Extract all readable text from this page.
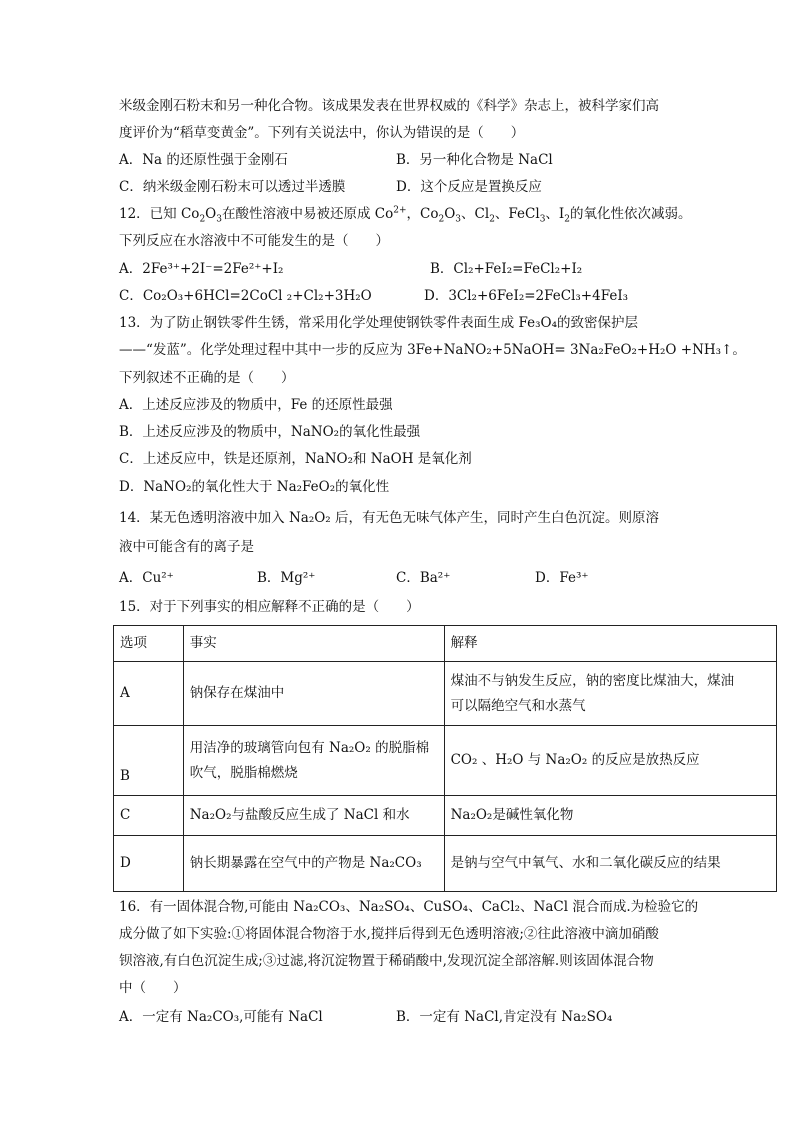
米级金刚石粉末和另一种化合物。该成果发表在世界权威的《科学》杂志上，被科学家们高
度评价为“稻草变黄金”。下列有关说法中，你认为错误的是（　　）
A．Na 的还原性强于金刚石	B．另一种化合物是 NaCl
C．纳米级金刚石粉末可以透过半透膜	D．这个反应是置换反应
12．已知 $Co_2O_3$在酸性溶液中易被还原成 $Co^{2+}$，$Co_2O_3$、$Cl_2$、FeCl$_3$、$I_2$的氧化性依次减弱。
下列反应在水溶液中不可能发生的是（　　）
A．2Fe³⁺+2I⁻=2Fe²⁺+I₂	B．Cl₂+FeI₂=FeCl₂+I₂
C．Co₂O₃+6HCl=2CoCl ₂+Cl₂+3H₂O	D．3Cl₂+6FeI₂=2FeCl₃+4FeI₃
13．为了防止钢铁零件生锈，常采用化学处理使钢铁零件表面生成 Fe₃O₄的致密保护层
——“发蓝”。化学处理过程中其中一步的反应为 3Fe+NaNO₂+5NaOH= 3Na₂FeO₂+H₂O +NH₃↑。
下列叙述不正确的是（　　）
A．上述反应涉及的物质中，Fe 的还原性最强
B．上述反应涉及的物质中，NaNO₂的氧化性最强
C．上述反应中，铁是还原剂，NaNO₂和 NaOH 是氧化剂
D．NaNO₂的氧化性大于 Na₂FeO₂的氧化性
14．某无色透明溶液中加入 Na₂O₂ 后，有无色无味气体产生，同时产生白色沉淀。则原溶
液中可能含有的离子是
A．Cu²⁺	B．Mg²⁺	C．Ba²⁺	D．Fe³⁺
15．对于下列事实的相应解释不正确的是（　　）
选项	事实	解释
A	钠保存在煤油中	煤油不与钠发生反应，钠的密度比煤油大，煤油
可以隔绝空气和水蒸气

B	用洁净的玻璃管向包有 Na₂O₂ 的脱脂棉
吹气，脱脂棉燃烧	CO₂ 、H₂O 与 Na₂O₂ 的反应是放热反应
C	Na₂O₂与盐酸反应生成了 NaCl 和水	Na₂O₂是碱性氧化物
D	钠长期暴露在空气中的产物是 Na₂CO₃	是钠与空气中氧气、水和二氧化碳反应的结果
16．有一固体混合物,可能由 Na₂CO₃、Na₂SO₄、CuSO₄、CaCl₂、NaCl 混合而成.为检验它的
成分做了如下实验:①将固体混合物溶于水,搅拌后得到无色透明溶液;②往此溶液中滴加硝酸
钡溶液,有白色沉淀生成;③过滤,将沉淀物置于稀硝酸中,发现沉淀全部溶解.则该固体混合物
中（　　）
A．一定有 Na₂CO₃,可能有 NaCl	B．一定有 NaCl,肯定没有 Na₂SO₄
